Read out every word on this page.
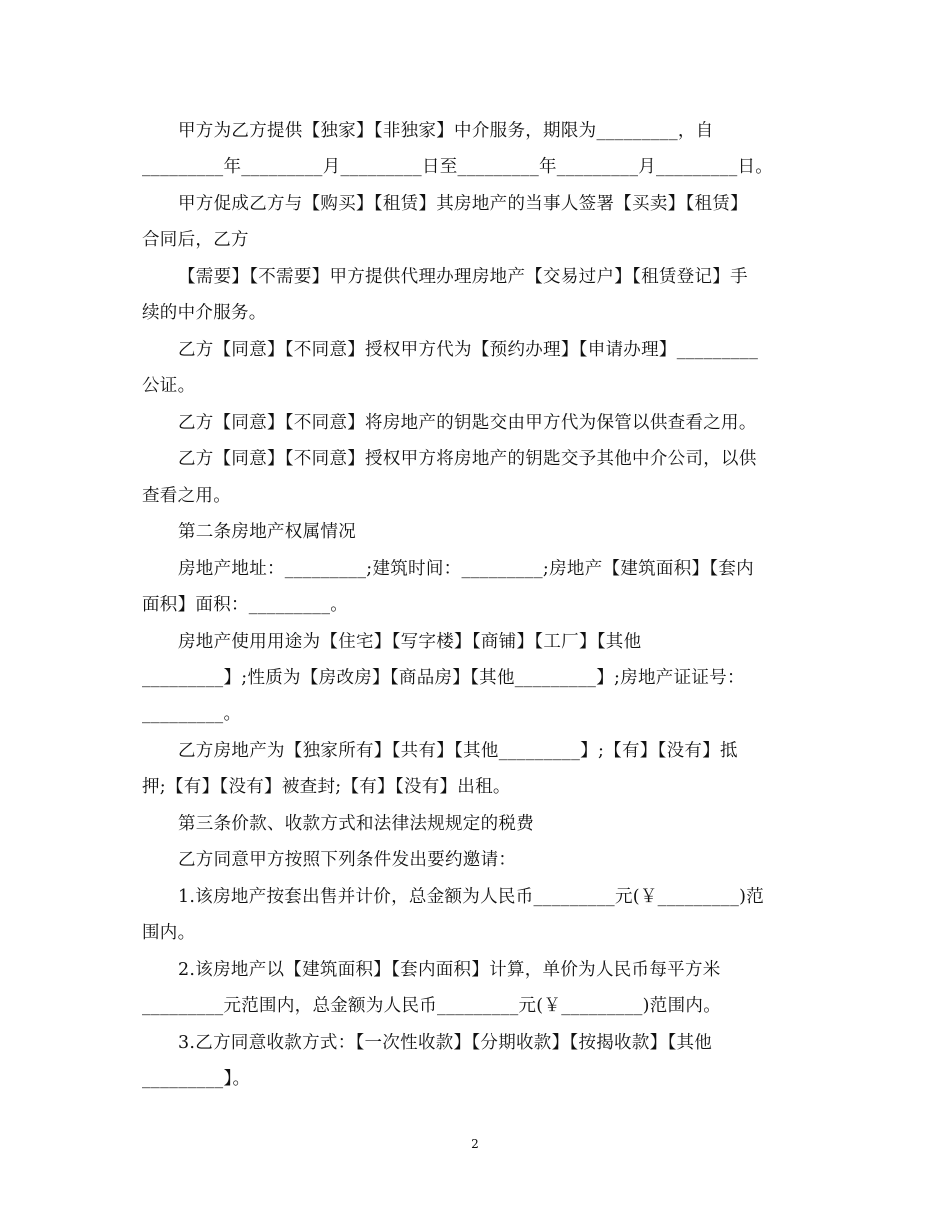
甲方为乙方提供【独家】【非独家】中介服务，期限为_________，自
_________年_________月_________日至_________年_________月_________日。
甲方促成乙方与【购买】【租赁】其房地产的当事人签署【买卖】【租赁】
合同后，乙方
【需要】【不需要】甲方提供代理办理房地产【交易过户】【租赁登记】手
续的中介服务。
乙方【同意】【不同意】授权甲方代为【预约办理】【申请办理】_________
公证。
乙方【同意】【不同意】将房地产的钥匙交由甲方代为保管以供查看之用。
乙方【同意】【不同意】授权甲方将房地产的钥匙交予其他中介公司，以供
查看之用。
第二条房地产权属情况
房地产地址：_________;建筑时间：_________;房地产【建筑面积】【套内
面积】面积：_________。
房地产使用用途为【住宅】【写字楼】【商铺】【工厂】【其他
_________】;性质为【房改房】【商品房】【其他_________】;房地产证证号：
_________。
乙方房地产为【独家所有】【共有】【其他_________】;【有】【没有】抵
押;【有】【没有】被查封;【有】【没有】出租。
第三条价款、收款方式和法律法规规定的税费
乙方同意甲方按照下列条件发出要约邀请：
1.该房地产按套出售并计价，总金额为人民币_________元(￥_________)范
围内。
2.该房地产以【建筑面积】【套内面积】计算，单价为人民币每平方米
_________元范围内，总金额为人民币_________元(￥_________)范围内。
3.乙方同意收款方式：【一次性收款】【分期收款】【按揭收款】【其他
_________】。
2
